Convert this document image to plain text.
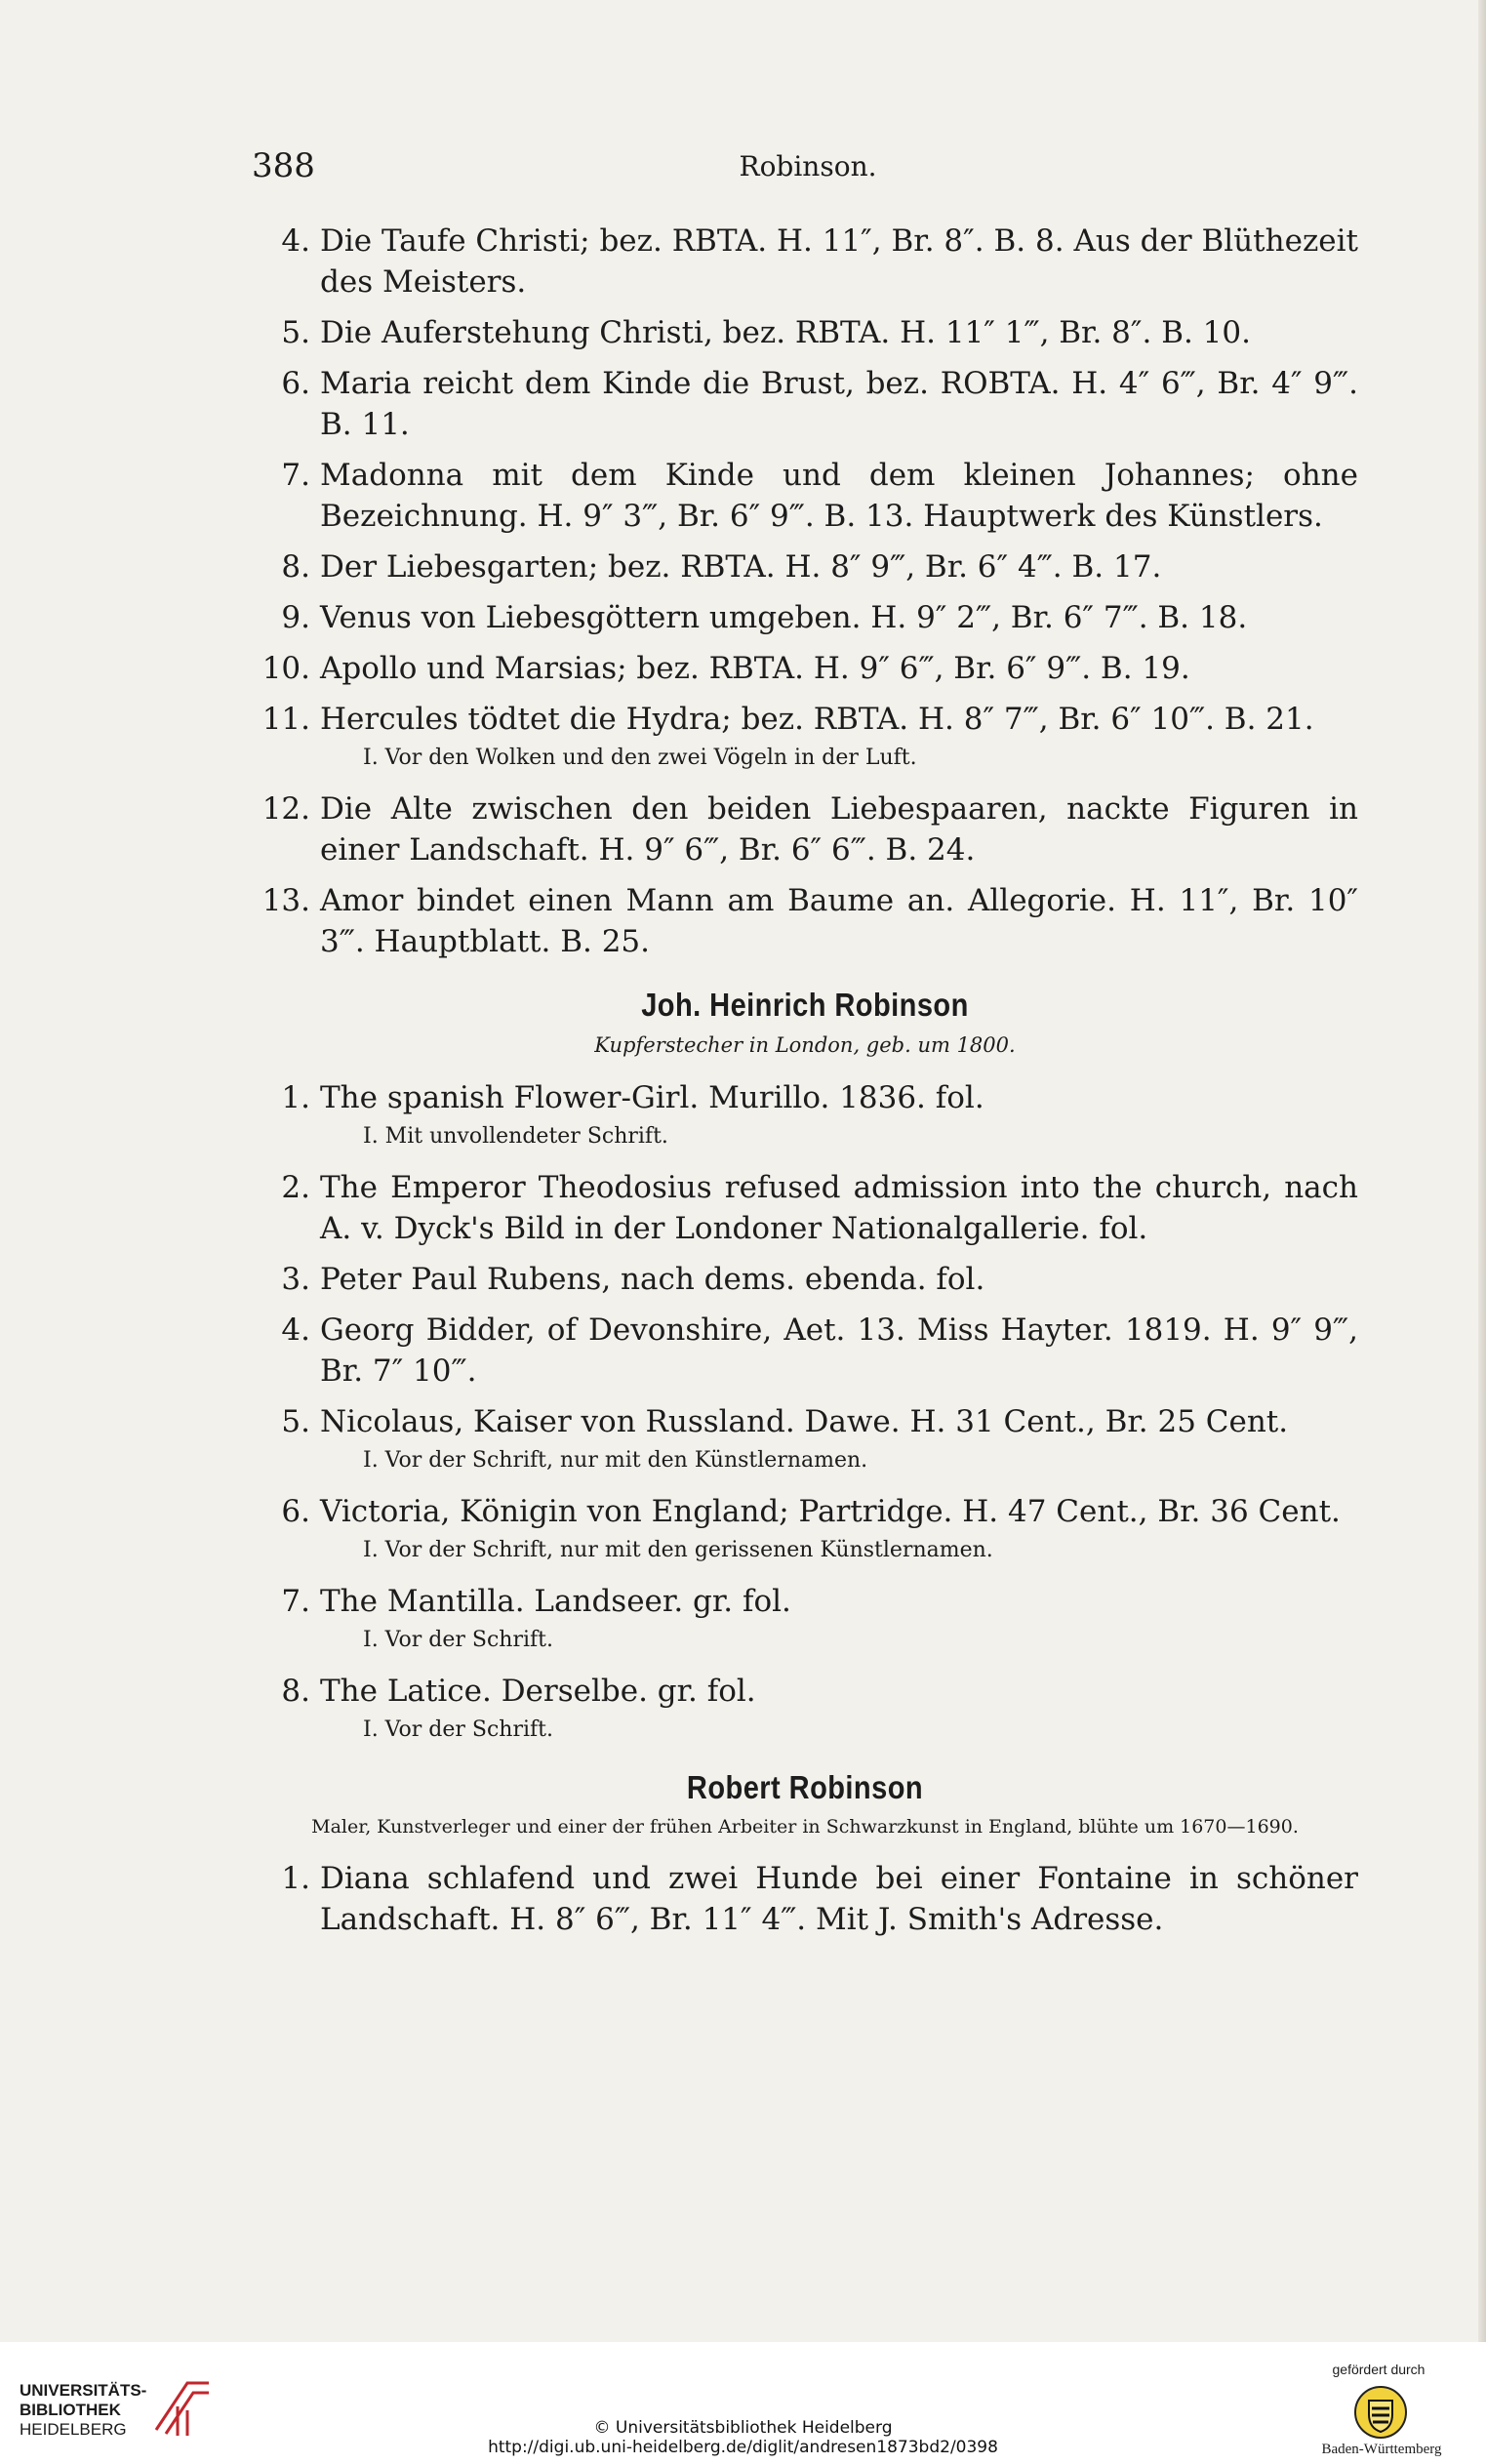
388	Robinson.
4. Die Taufe Christi; bez. RBTA. H. 11″, Br. 8″. B. 8. Aus der Blüthezeit des Meisters.
5. Die Auferstehung Christi, bez. RBTA. H. 11″ 1‴, Br. 8″. B. 10.
6. Maria reicht dem Kinde die Brust, bez. ROBTA. H. 4″ 6‴, Br. 4″ 9‴. B. 11.
7. Madonna mit dem Kinde und dem kleinen Johannes; ohne Bezeichnung. H. 9″ 3‴, Br. 6″ 9‴. B. 13. Hauptwerk des Künstlers.
8. Der Liebesgarten; bez. RBTA. H. 8″ 9‴, Br. 6″ 4‴. B. 17.
9. Venus von Liebesgöttern umgeben. H. 9″ 2‴, Br. 6″ 7‴. B. 18.
10. Apollo und Marsias; bez. RBTA. H. 9″ 6‴, Br. 6″ 9‴. B. 19.
11. Hercules tödtet die Hydra; bez. RBTA. H. 8″ 7‴, Br. 6″ 10‴. B. 21.
I. Vor den Wolken und den zwei Vögeln in der Luft.
12. Die Alte zwischen den beiden Liebespaaren, nackte Figuren in einer Landschaft. H. 9″ 6‴, Br. 6″ 6‴. B. 24.
13. Amor bindet einen Mann am Baume an. Allegorie. H. 11″, Br. 10″ 3‴. Hauptblatt. B. 25.
Joh. Heinrich Robinson
Kupferstecher in London, geb. um 1800.
1. The spanish Flower-Girl. Murillo. 1836. fol.
I. Mit unvollendeter Schrift.
2. The Emperor Theodosius refused admission into the church, nach A. v. Dyck's Bild in der Londoner Nationalgallerie. fol.
3. Peter Paul Rubens, nach dems. ebenda. fol.
4. Georg Bidder, of Devonshire, Aet. 13. Miss Hayter. 1819. H. 9″ 9‴, Br. 7″ 10‴.
5. Nicolaus, Kaiser von Russland. Dawe. H. 31 Cent., Br. 25 Cent.
I. Vor der Schrift, nur mit den Künstlernamen.
6. Victoria, Königin von England; Partridge. H. 47 Cent., Br. 36 Cent.
I. Vor der Schrift, nur mit den gerissenen Künstlernamen.
7. The Mantilla. Landseer. gr. fol.
I. Vor der Schrift.
8. The Latice. Derselbe. gr. fol.
I. Vor der Schrift.
Robert Robinson
Maler, Kunstverleger und einer der frühen Arbeiter in Schwarzkunst in England, blühte um 1670—1690.
1. Diana schlafend und zwei Hunde bei einer Fontaine in schöner Landschaft. H. 8″ 6‴, Br. 11″ 4‴. Mit J. Smith's Adresse.
UNIVERSITÄTS-
BIBLIOTHEK
HEIDELBERG	© Universitätsbibliothek Heidelberg
http://digi.ub.uni-heidelberg.de/diglit/andresen1873bd2/0398
gefördert durch
Baden-Württemberg
